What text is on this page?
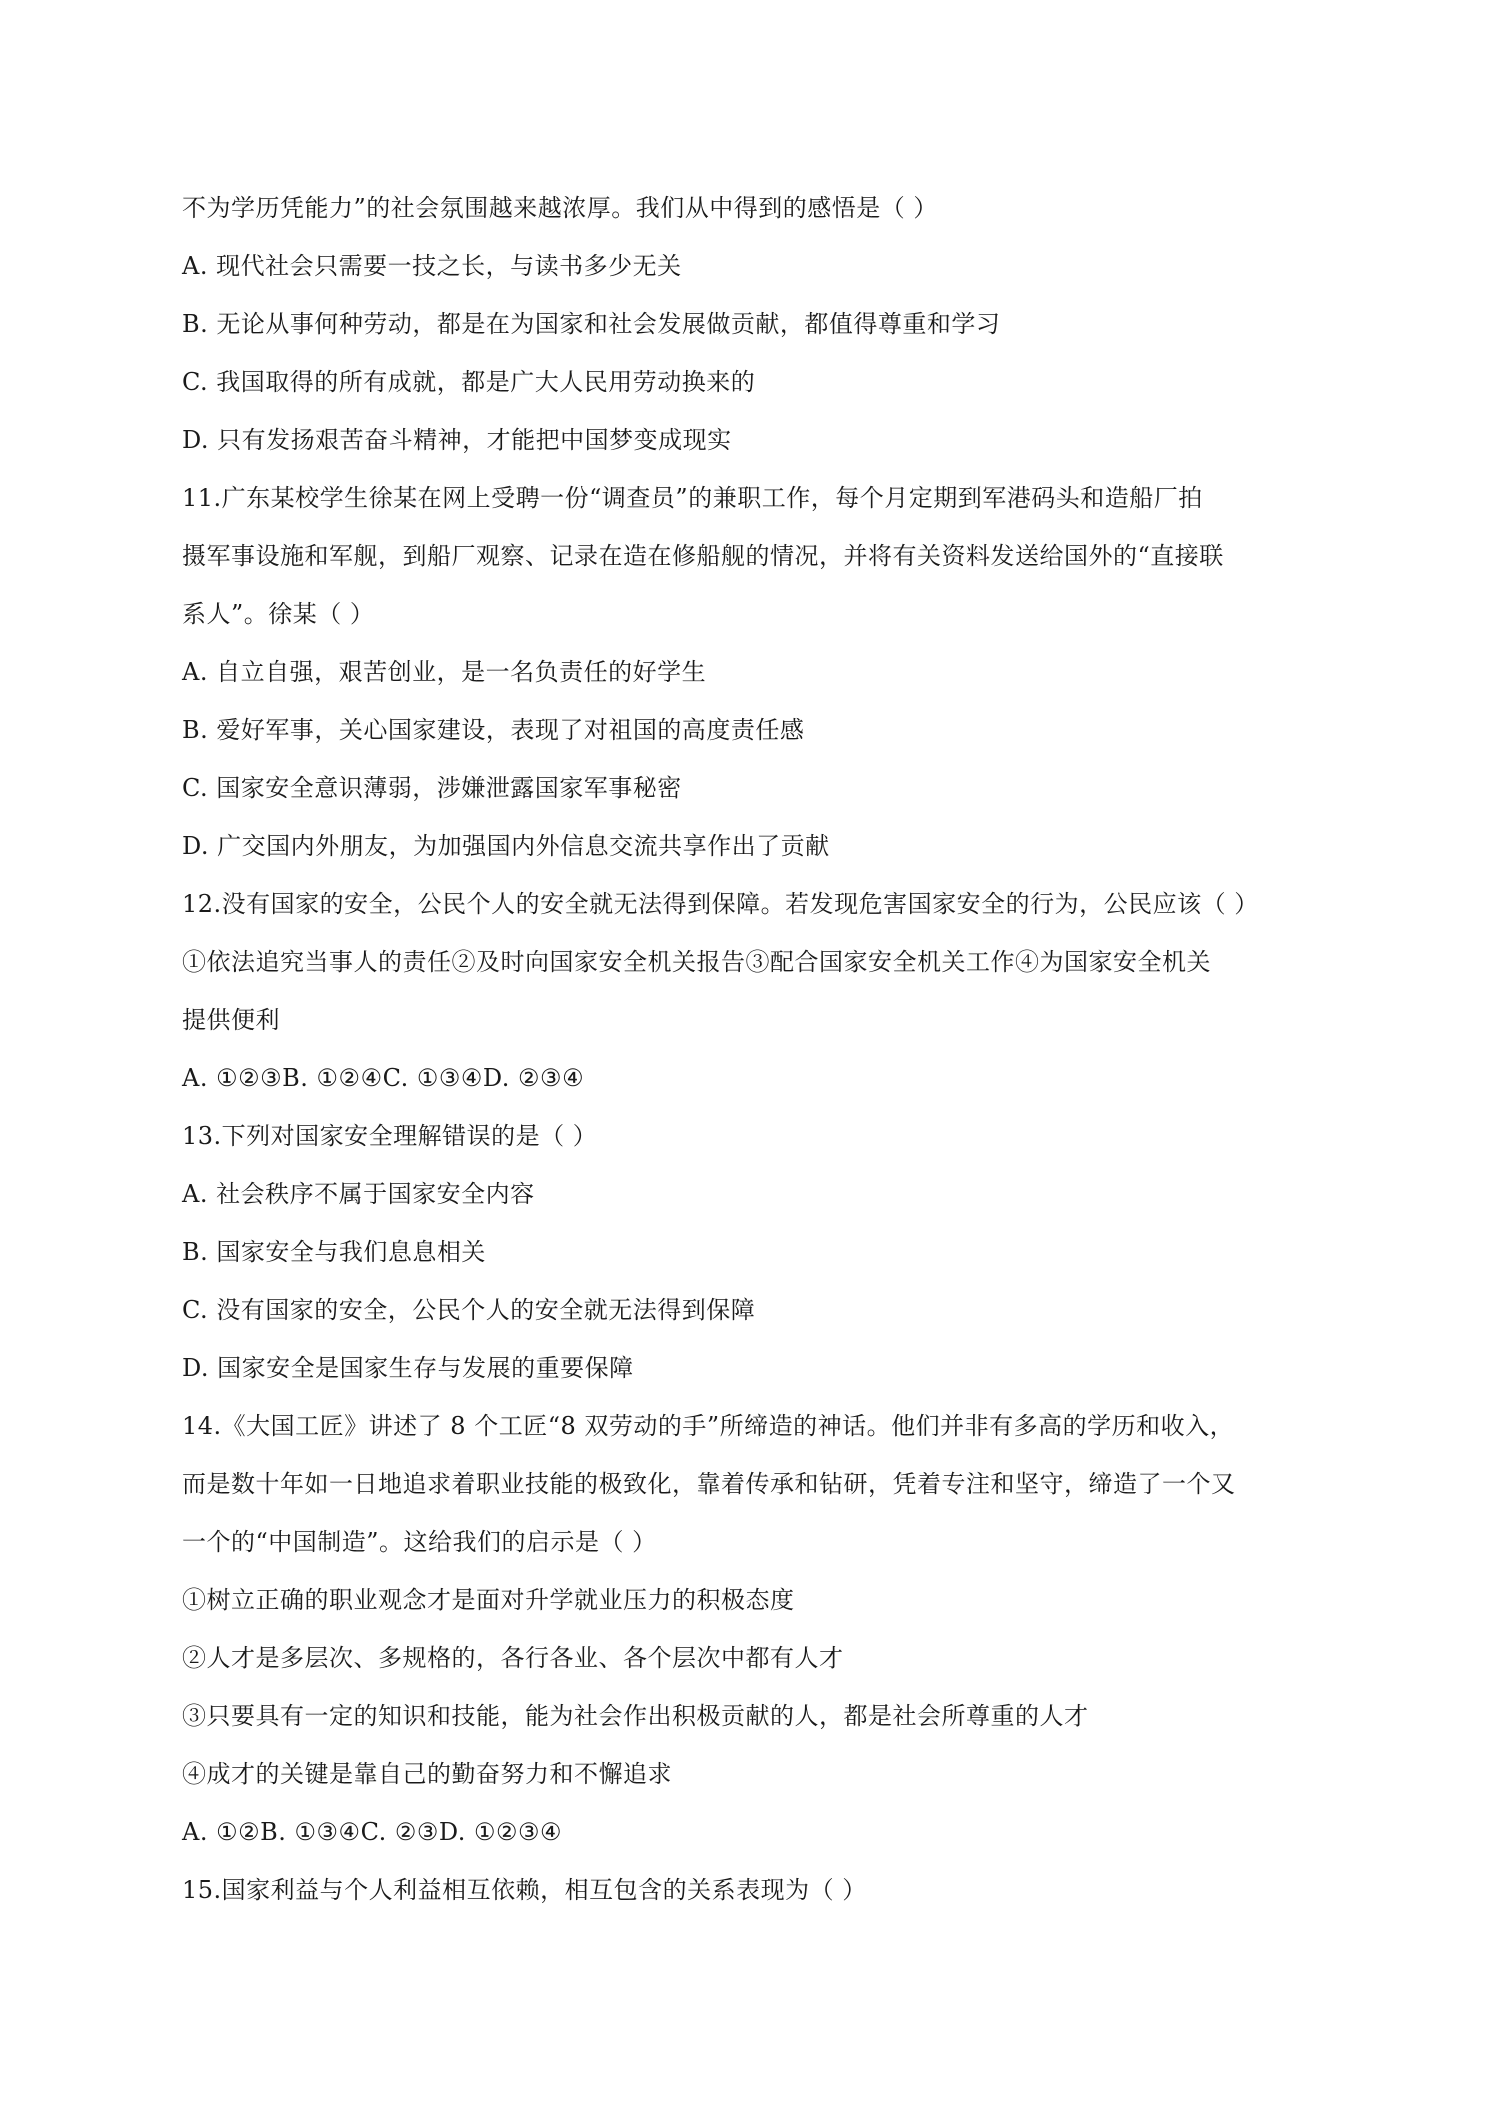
不为学历凭能力”的社会氛围越来越浓厚。我们从中得到的感悟是（ ）
A. 现代社会只需要一技之长，与读书多少无关
B. 无论从事何种劳动，都是在为国家和社会发展做贡献，都值得尊重和学习
C. 我国取得的所有成就，都是广大人民用劳动换来的
D. 只有发扬艰苦奋斗精神，才能把中国梦变成现实
11.广东某校学生徐某在网上受聘一份“调查员”的兼职工作，每个月定期到军港码头和造船厂拍
摄军事设施和军舰，到船厂观察、记录在造在修船舰的情况，并将有关资料发送给国外的“直接联
系人”。徐某（ ）
A. 自立自强，艰苦创业，是一名负责任的好学生
B. 爱好军事，关心国家建设，表现了对祖国的高度责任感
C. 国家安全意识薄弱，涉嫌泄露国家军事秘密
D. 广交国内外朋友，为加强国内外信息交流共享作出了贡献
12.没有国家的安全，公民个人的安全就无法得到保障。若发现危害国家安全的行为，公民应该（ ）
①依法追究当事人的责任②及时向国家安全机关报告③配合国家安全机关工作④为国家安全机关
提供便利
A. ①②③B. ①②④C. ①③④D. ②③④
13.下列对国家安全理解错误的是（ ）
A. 社会秩序不属于国家安全内容
B. 国家安全与我们息息相关
C. 没有国家的安全，公民个人的安全就无法得到保障
D. 国家安全是国家生存与发展的重要保障
14.《大国工匠》讲述了 8 个工匠“8 双劳动的手”所缔造的神话。他们并非有多高的学历和收入，
而是数十年如一日地追求着职业技能的极致化，靠着传承和钻研，凭着专注和坚守，缔造了一个又
一个的“中国制造”。这给我们的启示是（ ）
①树立正确的职业观念才是面对升学就业压力的积极态度
②人才是多层次、多规格的，各行各业、各个层次中都有人才
③只要具有一定的知识和技能，能为社会作出积极贡献的人，都是社会所尊重的人才
④成才的关键是靠自己的勤奋努力和不懈追求
A. ①②B. ①③④C. ②③D. ①②③④
15.国家利益与个人利益相互依赖，相互包含的关系表现为（ ）
